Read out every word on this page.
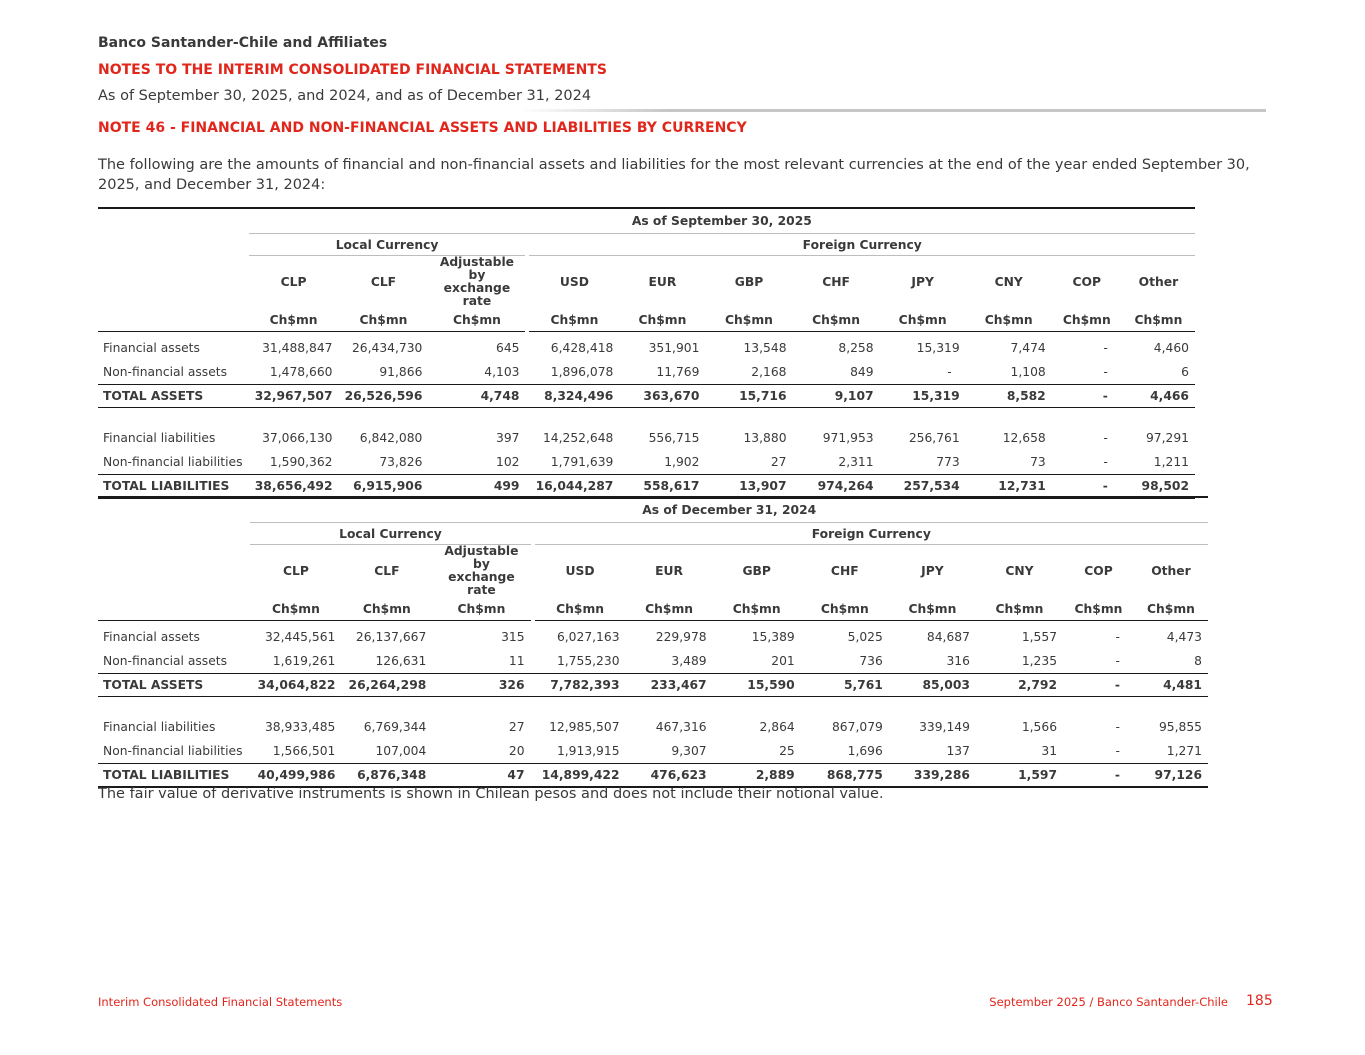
Banco Santander-Chile and Affiliates
NOTES TO THE INTERIM CONSOLIDATED FINANCIAL STATEMENTS
As of September 30, 2025, and 2024, and as of December 31, 2024
NOTE 46 - FINANCIAL AND NON-FINANCIAL ASSETS AND LIABILITIES BY CURRENCY
The following are the amounts of financial and non-financial assets and liabilities for the most relevant currencies at the end of the year ended September 30, 2025, and December 31, 2024:
	As of September 30, 2025											
	Local Currency				Foreign Currency							
	CLP	CLF	Adjustable by exchange rate		USD	EUR	GBP	CHF	JPY	CNY	COP	Other
	Ch$mn	Ch$mn	Ch$mn		Ch$mn	Ch$mn	Ch$mn	Ch$mn	Ch$mn	Ch$mn	Ch$mn	Ch$mn
Financial assets	31,488,847	26,434,730	645		6,428,418	351,901	13,548	8,258	15,319	7,474	-	4,460
Non-financial assets	1,478,660	91,866	4,103		1,896,078	11,769	2,168	849	-	1,108	-	6
TOTAL ASSETS	32,967,507	26,526,596	4,748		8,324,496	363,670	15,716	9,107	15,319	8,582	-	4,466

Financial liabilities	37,066,130	6,842,080	397		14,252,648	556,715	13,880	971,953	256,761	12,658	-	97,291
Non-financial liabilities	1,590,362	73,826	102		1,791,639	1,902	27	2,311	773	73	-	1,211
TOTAL LIABILITIES	38,656,492	6,915,906	499		16,044,287	558,617	13,907	974,264	257,534	12,731	-	98,502
	As of December 31, 2024											
	Local Currency				Foreign Currency							
	CLP	CLF	Adjustable by exchange rate		USD	EUR	GBP	CHF	JPY	CNY	COP	Other
	Ch$mn	Ch$mn	Ch$mn		Ch$mn	Ch$mn	Ch$mn	Ch$mn	Ch$mn	Ch$mn	Ch$mn	Ch$mn
Financial assets	32,445,561	26,137,667	315		6,027,163	229,978	15,389	5,025	84,687	1,557	-	4,473
Non-financial assets	1,619,261	126,631	11		1,755,230	3,489	201	736	316	1,235	-	8
TOTAL ASSETS	34,064,822	26,264,298	326		7,782,393	233,467	15,590	5,761	85,003	2,792	-	4,481

Financial liabilities	38,933,485	6,769,344	27		12,985,507	467,316	2,864	867,079	339,149	1,566	-	95,855
Non-financial liabilities	1,566,501	107,004	20		1,913,915	9,307	25	1,696	137	31	-	1,271
TOTAL LIABILITIES	40,499,986	6,876,348	47		14,899,422	476,623	2,889	868,775	339,286	1,597	-	97,126
The fair value of derivative instruments is shown in Chilean pesos and does not include their notional value.
Interim Consolidated Financial Statements	September 2025 / Banco Santander-Chile 185
